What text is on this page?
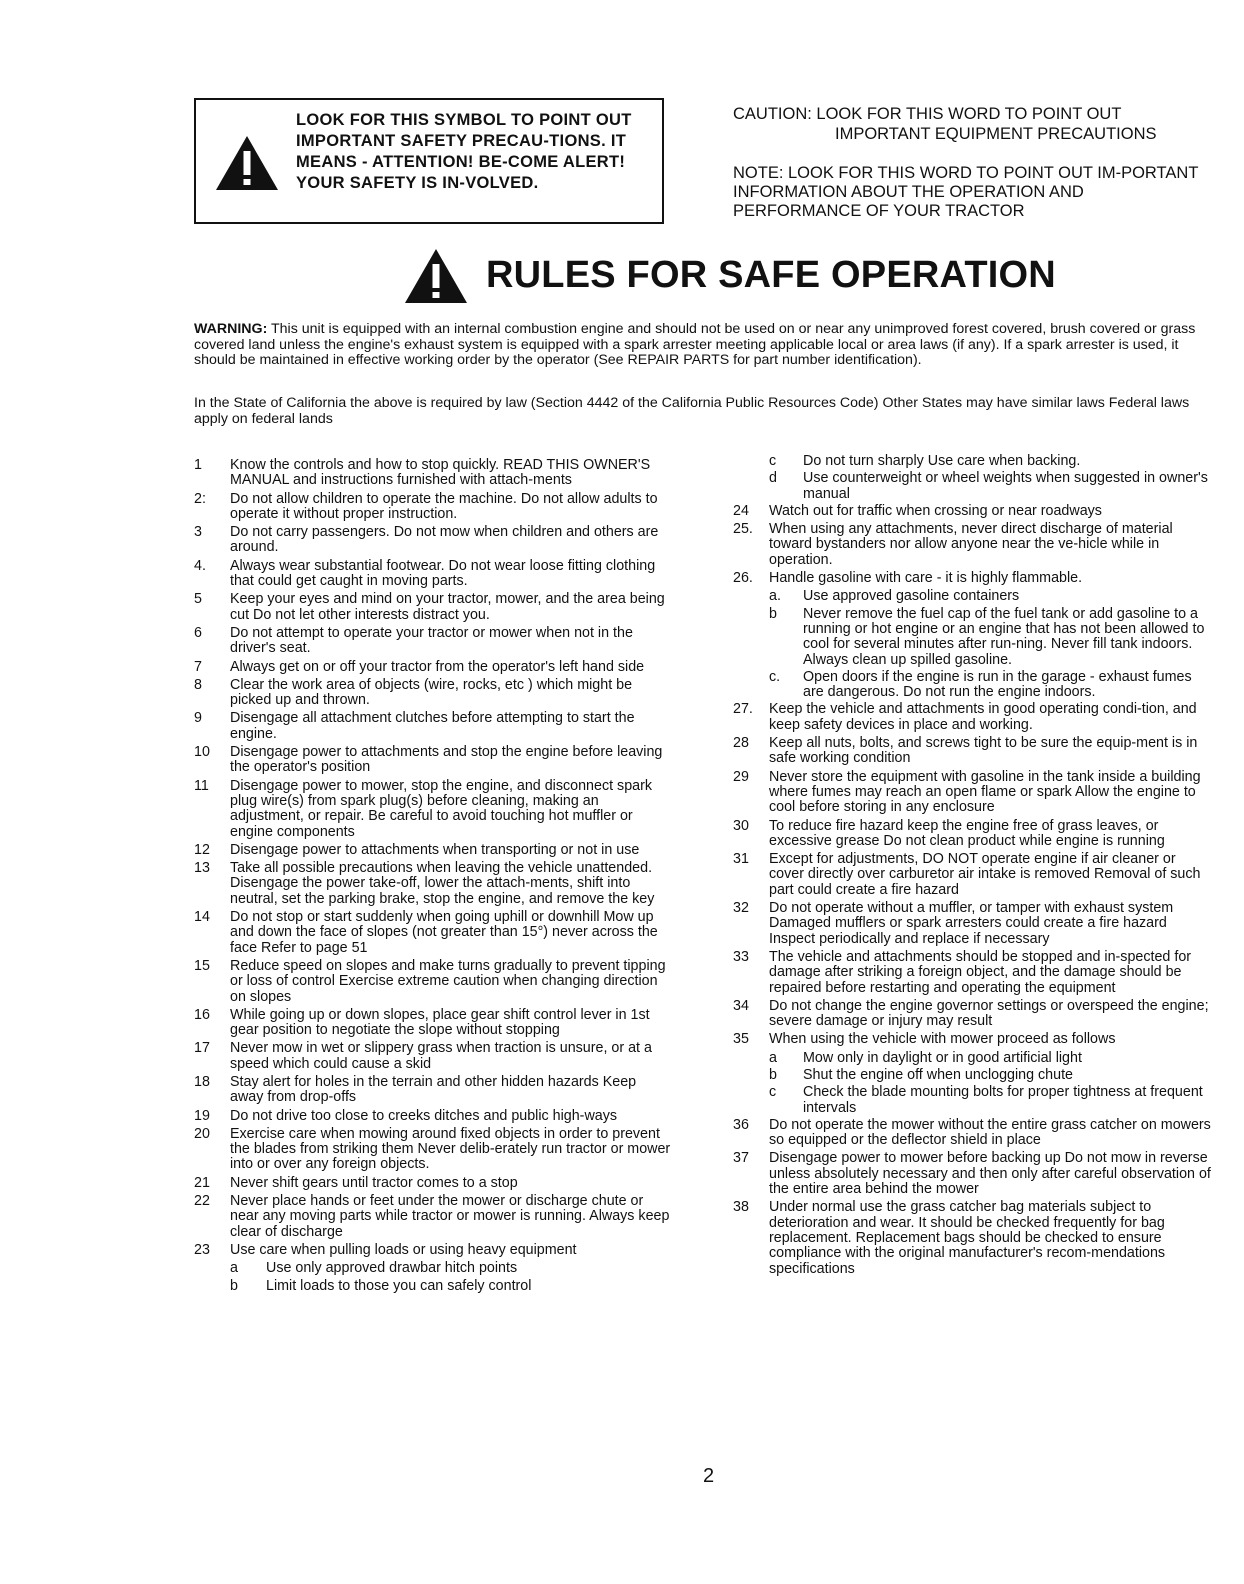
LOOK FOR THIS SYMBOL TO POINT OUT IMPORTANT SAFETY PRECAU-TIONS. IT MEANS - ATTENTION! BE-COME ALERT! YOUR SAFETY IS IN-VOLVED.
CAUTION: LOOK FOR THIS WORD TO POINT OUT
IMPORTANT EQUIPMENT PRECAUTIONS
NOTE: LOOK FOR THIS WORD TO POINT OUT IM-PORTANT INFORMATION ABOUT THE OPERATION AND PERFORMANCE OF YOUR TRACTOR
RULES FOR SAFE OPERATION
WARNING: This unit is equipped with an internal combustion engine and should not be used on or near any unimproved forest covered, brush covered or grass covered land unless the engine's exhaust system is equipped with a spark arrester meeting applicable local or area laws (if any). If a spark arrester is used, it should be maintained in effective working order by the operator (See REPAIR PARTS for part number identification).
In the State of California the above is required by law (Section 4442 of the California Public Resources Code) Other States may have similar laws Federal laws apply on federal lands
1 Know the controls and how to stop quickly. READ THIS OWNER'S MANUAL and instructions furnished with attach-ments
2: Do not allow children to operate the machine. Do not allow adults to operate it without proper instruction.
3 Do not carry passengers. Do not mow when children and others are around.
4. Always wear substantial footwear. Do not wear loose fitting clothing that could get caught in moving parts.
5 Keep your eyes and mind on your tractor, mower, and the area being cut Do not let other interests distract you.
6 Do not attempt to operate your tractor or mower when not in the driver's seat.
7 Always get on or off your tractor from the operator's left hand side
8 Clear the work area of objects (wire, rocks, etc ) which might be picked up and thrown.
9 Disengage all attachment clutches before attempting to start the engine.
10 Disengage power to attachments and stop the engine before leaving the operator's position
11 Disengage power to mower, stop the engine, and disconnect spark plug wire(s) from spark plug(s) before cleaning, making an adjustment, or repair. Be careful to avoid touching hot muffler or engine components
12 Disengage power to attachments when transporting or not in use
13 Take all possible precautions when leaving the vehicle unattended. Disengage the power take-off, lower the attach-ments, shift into neutral, set the parking brake, stop the engine, and remove the key
14 Do not stop or start suddenly when going uphill or downhill Mow up and down the face of slopes (not greater than 15°) never across the face Refer to page 51
15 Reduce speed on slopes and make turns gradually to prevent tipping or loss of control Exercise extreme caution when changing direction on slopes
16 While going up or down slopes, place gear shift control lever in 1st gear position to negotiate the slope without stopping
17 Never mow in wet or slippery grass when traction is unsure, or at a speed which could cause a skid
18 Stay alert for holes in the terrain and other hidden hazards Keep away from drop-offs
19 Do not drive too close to creeks ditches and public high-ways
20 Exercise care when mowing around fixed objects in order to prevent the blades from striking them Never delib-erately run tractor or mower into or over any foreign objects.
21 Never shift gears until tractor comes to a stop
22 Never place hands or feet under the mower or discharge chute or near any moving parts while tractor or mower is running. Always keep clear of discharge
23 Use care when pulling loads or using heavy equipment
a Use only approved drawbar hitch points
b Limit loads to those you can safely control
c Do not turn sharply Use care when backing.
d Use counterweight or wheel weights when suggested in owner's manual
24 Watch out for traffic when crossing or near roadways
25. When using any attachments, never direct discharge of material toward bystanders nor allow anyone near the ve-hicle while in operation.
26. Handle gasoline with care - it is highly flammable.
a. Use approved gasoline containers
b Never remove the fuel cap of the fuel tank or add gasoline to a running or hot engine or an engine that has not been allowed to cool for several minutes after run-ning. Never fill tank indoors. Always clean up spilled gasoline.
c. Open doors if the engine is run in the garage - exhaust fumes are dangerous. Do not run the engine indoors.
27. Keep the vehicle and attachments in good operating condi-tion, and keep safety devices in place and working.
28 Keep all nuts, bolts, and screws tight to be sure the equip-ment is in safe working condition
29 Never store the equipment with gasoline in the tank inside a building where fumes may reach an open flame or spark Allow the engine to cool before storing in any enclosure
30 To reduce fire hazard keep the engine free of grass leaves, or excessive grease Do not clean product while engine is running
31 Except for adjustments, DO NOT operate engine if air cleaner or cover directly over carburetor air intake is removed Removal of such part could create a fire hazard
32 Do not operate without a muffler, or tamper with exhaust system Damaged mufflers or spark arresters could create a fire hazard Inspect periodically and replace if necessary
33 The vehicle and attachments should be stopped and in-spected for damage after striking a foreign object, and the damage should be repaired before restarting and operating the equipment
34 Do not change the engine governor settings or overspeed the engine; severe damage or injury may result
35 When using the vehicle with mower proceed as follows
a Mow only in daylight or in good artificial light
b Shut the engine off when unclogging chute
c Check the blade mounting bolts for proper tightness at frequent intervals
36 Do not operate the mower without the entire grass catcher on mowers so equipped or the deflector shield in place
37 Disengage power to mower before backing up Do not mow in reverse unless absolutely necessary and then only after careful observation of the entire area behind the mower
38 Under normal use the grass catcher bag materials subject to deterioration and wear. It should be checked frequently for bag replacement. Replacement bags should be checked to ensure compliance with the original manufacturer's recom-mendations specifications
2
